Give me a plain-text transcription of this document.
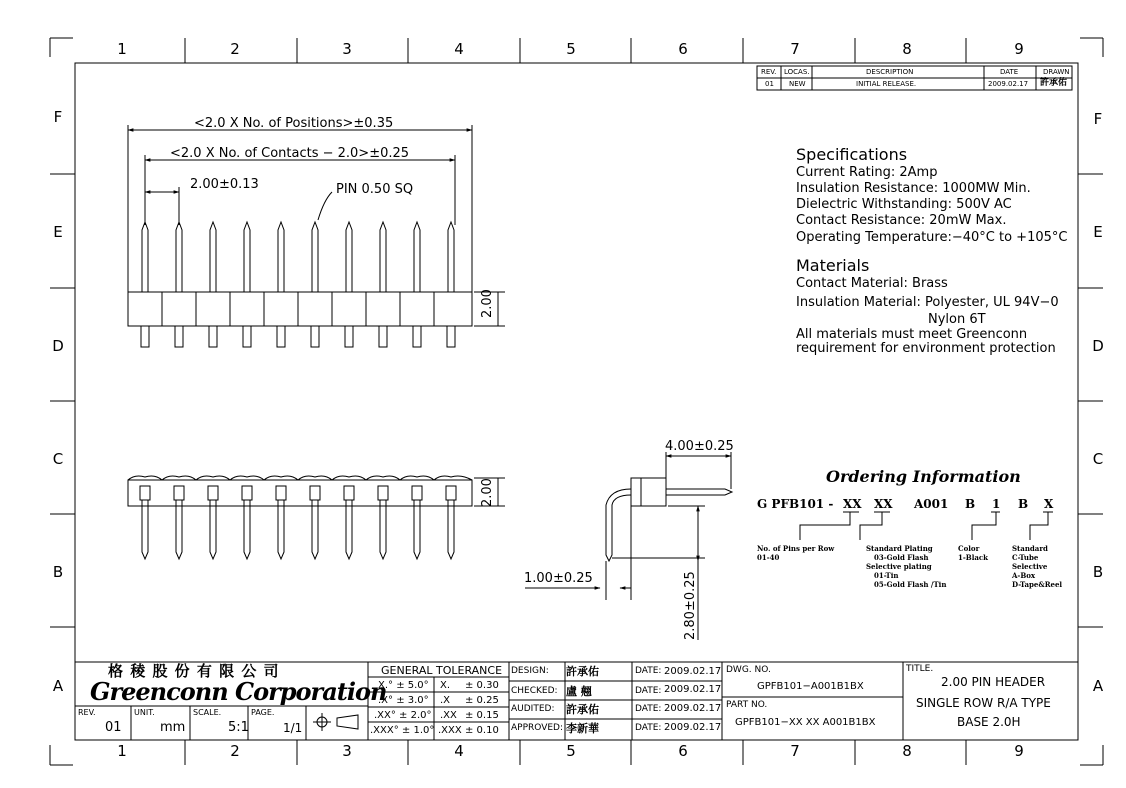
1	2	3	4	5	6	7	8	9
1	2	3	4	5	6	7	8	9
F
E
D
C
B
A
F
E
D
C
B
A
REV. LOCAS.	DESCRIPTION	DATE	DRAWN
01 NEW	INITIAL RELEASE.	2009.02.17 許承佑
<2.0 X No. of Positions>±0.35
<2.0 X No. of Contacts − 2.0>±0.25
2.00±0.13	PIN 0.50 SQ
2.00
2.00
4.00±0.25
1.00±0.25	2.80±0.25
Specifications
Current Rating: 2Amp
Insulation Resistance: 1000MW Min.
Dielectric Withstanding: 500V AC
Contact Resistance: 20mW Max.
Operating Temperature:−40°C to +105°C
Materials
Contact Material: Brass
Insulation Material: Polyester, UL 94V−0
Nylon 6T
All materials must meet Greenconn
requirement for environment protection
Ordering Information
G PFB101 - XX XX A001 B 1 B X
No. of Pins per Row
01-40
Standard Plating
03-Gold Flash
Selective plating
01-Tin
05-Gold Flash /Tin
Color
1-Black
Standard
C-Tube
Selective
A-Box
D-Tape&Reel
格 稜 股 份 有 限 公 司
Greenconn Corporation
REV.
01
UNIT.
mm
SCALE.
5:1
PAGE.
1/1
GENERAL TOLERANCE
X.° ± 5.0° X. ± 0.30
.X° ± 3.0° .X ± 0.25
.XX° ± 2.0° .XX ± 0.15
.XXX° ± 1.0° .XXX ± 0.10
DESIGN: 許承佑	DATE: 2009.02.17
CHECKED: 盧 翹	DATE: 2009.02.17
AUDITED: 許承佑	DATE: 2009.02.17
APPROVED: 李新華	DATE: 2009.02.17
DWG. NO.
GPFB101−A001B1BX
PART NO.
GPFB101−XX XX A001B1BX
TITLE.
2.00 PIN HEADER
SINGLE ROW R/A TYPE
BASE 2.0H
